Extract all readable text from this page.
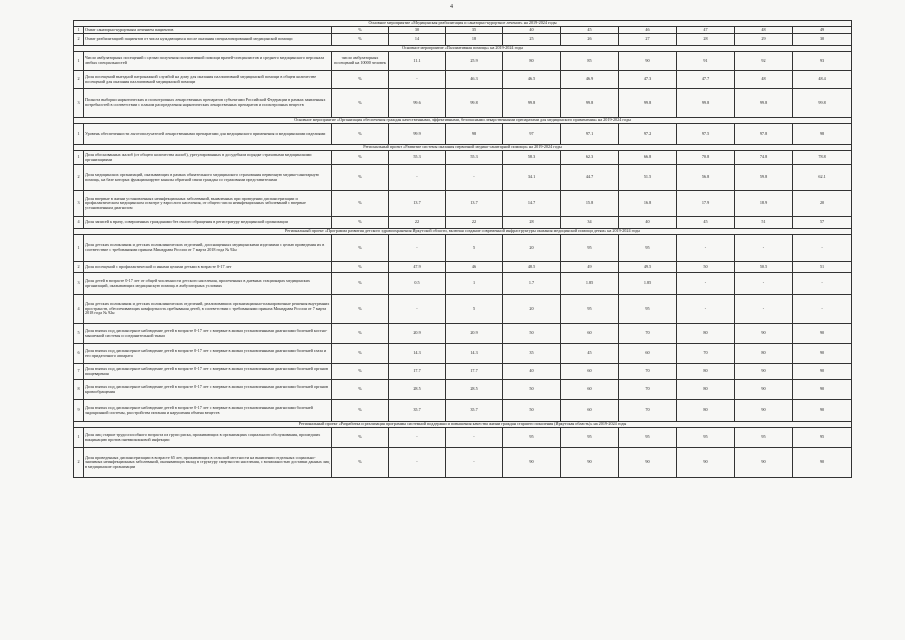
4
Основное мероприятие «Медицинская реабилитация и санаторно-курортное лечение» на 2019-2024 годы										
1	Охват санаторно-курортным лечением пациентов	%	30	35	40	45	46	47	48	49
2	Охват реабилитацией пациентов от числа нуждающихся после оказания специализированной медицинской помощи	%	14	18	25	26	27	28	29	30
Основное мероприятие «Паллиативная помощь» на 2019-2024 годы										
1	Число амбулаторных посещений с целью получения паллиативной помощи врачей-специалистов и среднего медицинского персонала любых специальностей	число амбулаторных посещений на 10000 человек	11.1	25.9	80	85	90	91	92	93
2	Доля посещений выездной патронажной службой на дому для оказания паллиативной медицинской помощи в общем количестве посещений для оказания паллиативной медицинской помощи	%	-	46.3	46.5	46.9	47.3	47.7	48	48.4
3	Полнота выборки наркотических и психотропных лекарственных препаратов субъектами Российской Федерации в рамках заявленных потребностей в соответствии с планом распределения наркотических лекарственных препаратов и психотропных веществ	%	99.6	99.8	99.8	99.8	99.8	99.8	99.8	99.8
Основное мероприятие «Организация обеспечения граждан качественными, эффективными, безопасными лекарственными препаратами для медицинского применения» на 2019-2024 годы										
1	Уровень обеспеченности льготополучателей лекарственными препаратами для медицинского применения и медицинскими изделиями	%	99.9	98	97	97.1	97.2	97.5	97.8	98
Региональный проект «Развитие системы оказания первичной медико-санитарной помощи» на 2019-2024 годы										
1	Доля обоснованных жалоб (от общего количества жалоб), урегулированных в досудебном порядке страховыми медицинскими организациями	%	55.3	55.3	58.3	62.3	66.8	70.8	74.8	78.8
2	Доля медицинских организаций, оказывающих в рамках обязательного медицинского страхования первичную медико-санитарную помощь, на базе которых функционируют каналы обратной связи граждан со страховыми представителями	%	-	-	34.1	44.7	51.5	56.8	59.8	62.1
3	Доля впервые в жизни установленных неинфекционных заболеваний, выявленных при проведении диспансеризации и профилактическом медицинском осмотре у взрослого населения, от общего числа неинфекционных заболеваний с впервые установленным диагнозом	%	13.7	13.7	14.7	15.8	16.8	17.9	18.9	20
4	Доля записей к врачу, совершенных гражданами без очного обращения в регистратуру медицинской организации	%	22	22	28	34	40	45	51	57
Региональный проект «Программа развития детского здравоохранения Иркутской области, включая создание современной инфраструктуры оказания медицинской помощи детям» на 2019-2024 годы										
1	Доля детских поликлиник и детских поликлинических отделений, дооснащенных медицинскими изделиями с целью приведения их в соответствие с требованиями приказа Минздрава России от 7 марта 2018 года № 92н	%	-	5	20	95	95	-	-	-
2	Доля посещений с профилактической и иными целями детьми в возрасте 0-17 лет	%	47.9	46	48.5	49	49.5	50	50.5	51
3	Доля детей в возрасте 0-17 лет от общей численности детского населения, пролеченных в дневных стационарах медицинских организаций, оказывающих медицинскую помощь в амбулаторных условиях	%	0.5	1	1.7	1.85	1.85	-	-	-
4	Доля детских поликлиник и детских поликлинических отделений, реализовавших организационно-планировочные решения внутренних пространств, обеспечивающих комфортность пребывания детей, в соответствии с требованиями приказа Минздрава России от 7 марта 2018 года № 92н	%	-	5	20	95	95	-	-	-
5	Доля взятых под диспансерное наблюдение детей в возрасте 0-17 лет с впервые в жизни установленными диагнозами болезней костно-мышечной системы и соединительной ткани	%	20.9	20.9	50	60	70	80	90	90
6	Доля взятых под диспансерное наблюдение детей в возрасте 0-17 лет с впервые в жизни установленными диагнозами болезней глаза и его придаточного аппарата	%	14.3	14.3	35	45	60	70	80	90
7	Доля взятых под диспансерное наблюдение детей в возрасте 0-17 лет с впервые в жизни установленными диагнозами болезней органов пищеварения	%	17.7	17.7	40	60	70	80	90	90
8	Доля взятых под диспансерное наблюдение детей в возрасте 0-17 лет с впервые в жизни установленными диагнозами болезней органов кровообращения	%	28.5	28.5	50	60	70	80	90	90
9	Доля взятых под диспансерное наблюдение детей в возрасте 0-17 лет с впервые в жизни установленными диагнозами болезней эндокринной системы, расстройства питания и нарушения обмена веществ	%	35.7	35.7	50	60	70	80	90	90
Региональный проект «Разработка и реализация программы системной поддержки и повышения качества жизни граждан старшего поколения (Иркутская область)» на 2019-2024 годы										
1	Доля лиц старше трудоспособного возраста из групп риска, проживающих в организациях социального обслуживания, прошедших вакцинацию против пневмококковой инфекции	%	-	-	95	95	95	95	95	95
2	Доля проведенных диспансеризации в возрасте 65 лет, проживающих в сельской местности на выявлении отдельных социально-значимых неинфекционных заболеваний, оказывающих вклад в структуру смертности населения, с возможностью доставки данных лиц в медицинские организации	%	-	-	90	90	90	90	90	90
